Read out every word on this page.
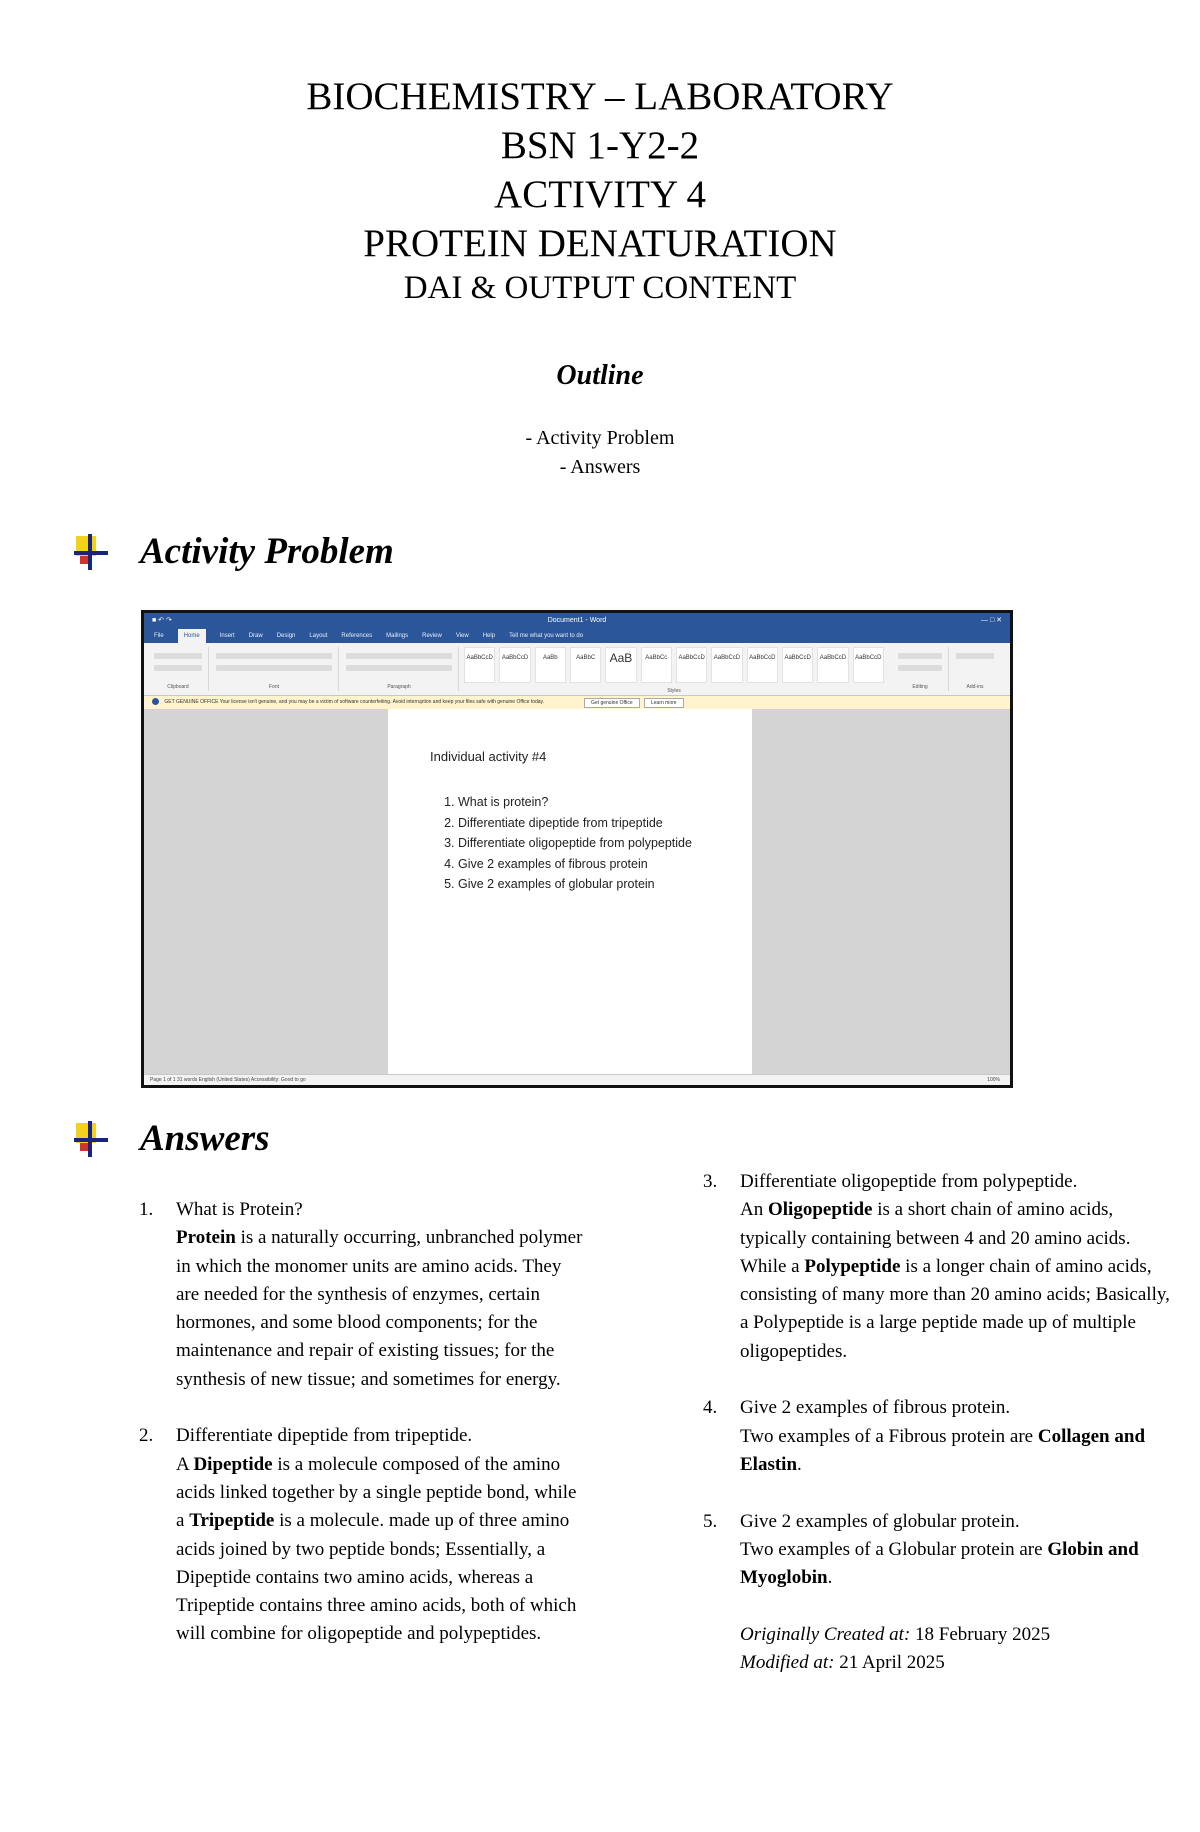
BIOCHEMISTRY – LABORATORY
BSN 1-Y2-2
ACTIVITY 4
PROTEIN DENATURATION
DAI & OUTPUT CONTENT
Outline
- Activity Problem
- Answers
Activity Problem
■ ↶ ↷	Document1 - Word	— □ ✕
File	Home	Insert Draw Design Layout References Mailings Review View Help Tell me what you want to do
Clipboard	Font	Paragraph
AaBbCcD	AaBbCcD	AaBb	AaBbC	AaB	AaBbCc	AaBbCcD	AaBbCcD	AaBbCcD	AaBbCcD	AaBbCcD	AaBbCcD
Styles
Editing	Add-ins
GET GENUINE OFFICE Your license isn't genuine, and you may be a victim of software counterfeiting. Avoid interruption and keep your files safe with genuine Office today.	Get genuine Office	Learn more
Individual activity #4
1. What is protein?
2. Differentiate dipeptide from tripeptide
3. Differentiate oligopeptide from polypeptide
4. Give 2 examples of fibrous protein
5. Give 2 examples of globular protein
Page 1 of 1 31 words English (United States) Accessibility: Good to go	100%
Answers
1. What is Protein?

Protein is a naturally occurring, unbranched polymer in which the monomer units are amino acids. They are needed for the synthesis of enzymes, certain hormones, and some blood components; for the maintenance and repair of existing tissues; for the synthesis of new tissue; and sometimes for energy.

2. Differentiate dipeptide from tripeptide.

A Dipeptide is a molecule composed of the amino acids linked together by a single peptide bond, while a Tripeptide is a molecule. made up of three amino acids joined by two peptide bonds; Essentially, a Dipeptide contains two amino acids, whereas a Tripeptide contains three amino acids, both of which will combine for oligopeptide and polypeptides.

3. Differentiate oligopeptide from polypeptide.

An Oligopeptide is a short chain of amino acids, typically containing between 4 and 20 amino acids. While a Polypeptide is a longer chain of amino acids, consisting of many more than 20 amino acids; Basically, a Polypeptide is a large peptide made up of multiple oligopeptides.

4. Give 2 examples of fibrous protein.

Two examples of a Fibrous protein are Collagen and Elastin.

5. Give 2 examples of globular protein.

Two examples of a Globular protein are Globin and Myoglobin.

Originally Created at: 18 February 2025
Modified at: 21 April 2025
